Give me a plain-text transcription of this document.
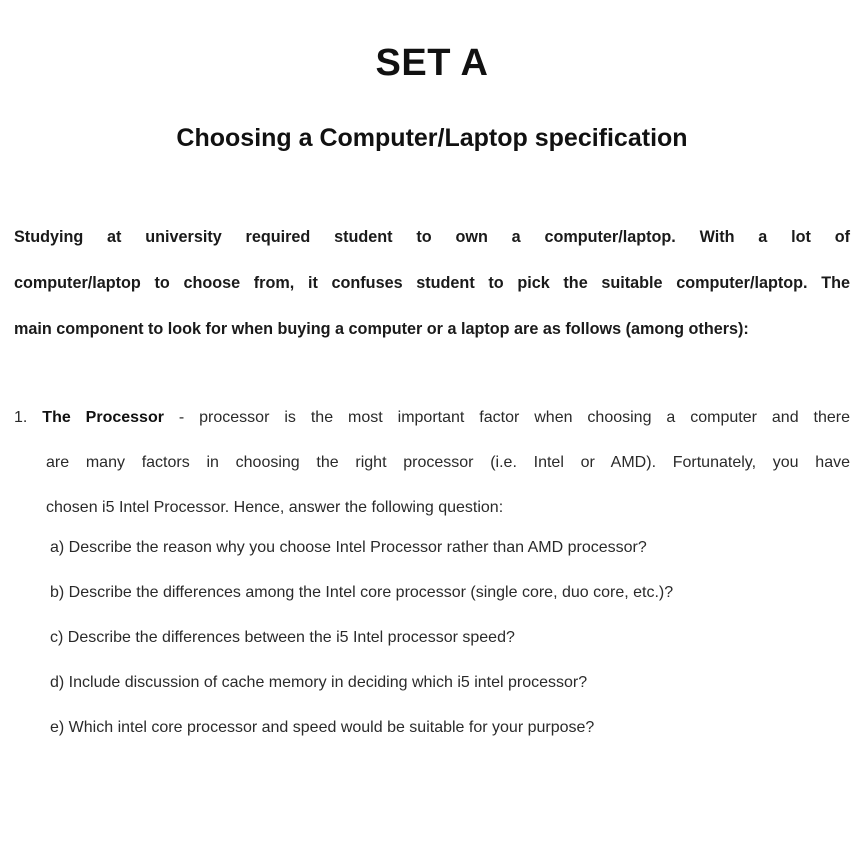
SET A
Choosing a Computer/Laptop specification
Studying at university required student to own a computer/laptop. With a lot of
computer/laptop to choose from, it confuses student to pick the suitable computer/laptop. The
main component to look for when buying a computer or a laptop are as follows (among others):
1. The Processor - processor is the most important factor when choosing a computer and there
are many factors in choosing the right processor (i.e. Intel or AMD). Fortunately, you have
chosen i5 Intel Processor. Hence, answer the following question:
a) Describe the reason why you choose Intel Processor rather than AMD processor?
b) Describe the differences among the Intel core processor (single core, duo core, etc.)?
c) Describe the differences between the i5 Intel processor speed?
d) Include discussion of cache memory in deciding which i5 intel processor?
e) Which intel core processor and speed would be suitable for your purpose?
